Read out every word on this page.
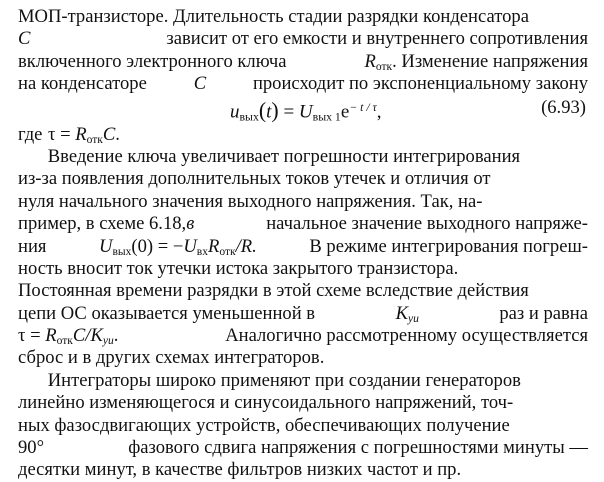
МОП-транзисторе. Длительность стадии разрядки конденсатора
C	зависит от его емкости и внутреннего сопротивления
включенного электронного ключа	$R_{отк}$. Изменение напряжения
на конденсаторе	C	происходит по экспоненциальному закону
$u_{вых}(t) = U_{вых 1}e^{- t / \tau}$,	(6.93)
где $\tau = R_{отк}C$.
Введение ключа увеличивает погрешности интегрирования
из-за появления дополнительных токов утечек и отличия от
нуля начального значения выходного напряжения. Так, на-
пример, в схеме 6.18,в	начальное значение выходного напряже-
ния	$U_{вых}(0) = -U_{вх}R_{отк}/R$.	В режиме интегрирования погреш-
ность вносит ток утечки истока закрытого транзистора.
Постоянная времени разрядки в этой схеме вследствие действия
цепи ОС оказывается уменьшенной в	$K_{уи}$	раз и равна
$\tau = R_{отк}C/K_{уи}$.	Аналогично рассмотренному осуществляется
сброс и в других схемах интеграторов.
Интеграторы широко применяют при создании генераторов
линейно изменяющегося и синусоидального напряжений, точ-
ных фазосдвигающих устройств, обеспечивающих получение
90°	фазового сдвига напряжения с погрешностями минуты —
десятки минут, в качестве фильтров низких частот и пр.
